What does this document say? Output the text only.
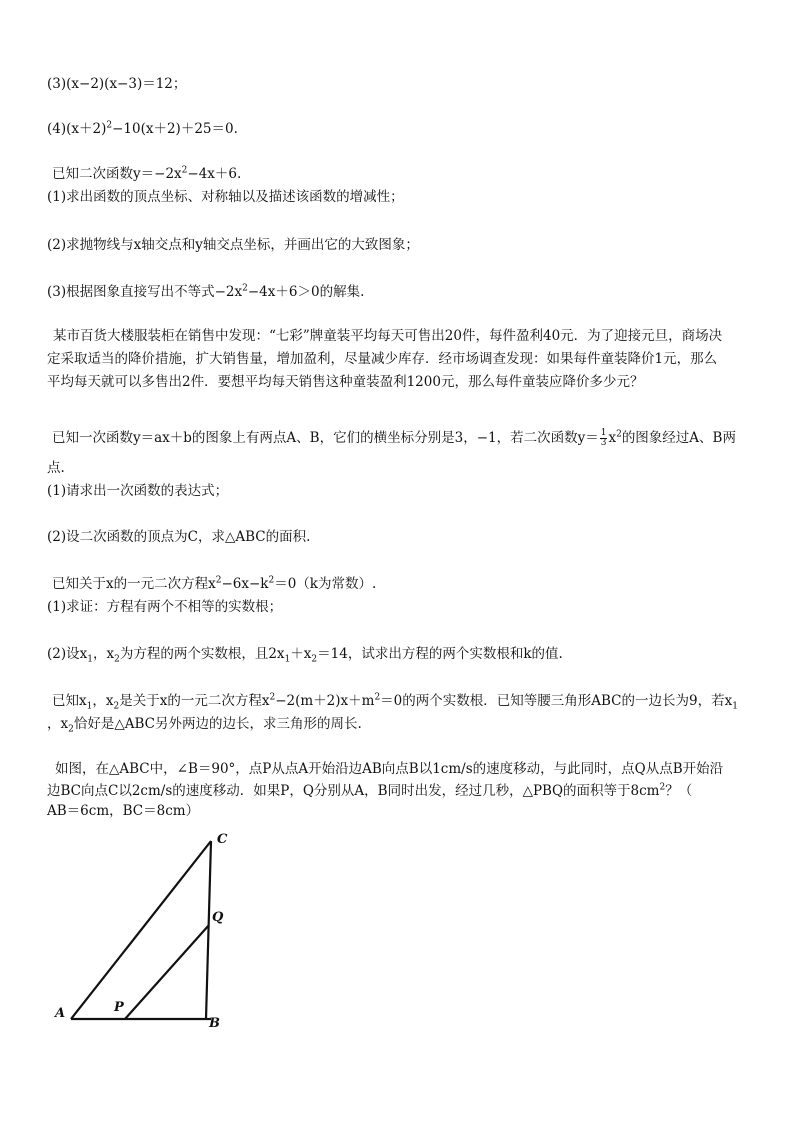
(3)(x−2)(x−3)＝12；
$(4)(x+2)^2-10(x+2)+25=0$.
已知二次函数$y=-2x^2-4x+6$.
(1)求出函数的顶点坐标、对称轴以及描述该函数的增减性；
(2)求抛物线与x轴交点和y轴交点坐标，并画出它的大致图象；
(3)根据图象直接写出不等式$-2x^2-4x+6>0$的解集.

某市百货大楼服装柜在销售中发现：“七彩”牌童装平均每天可售出20件，每件盈利40元．为了迎接元旦，商场决

定采取适当的降价措施，扩大销售量，增加盈利，尽量减少库存．经市场调查发现：如果每件童装降价1元，那么

平均每天就可以多售出2件．要想平均每天销售这种童装盈利1200元，那么每件童装应降价多少元？

已知一次函数y＝ax＋b的图象上有两点A、B，它们的横坐标分别是3，−1，若二次函数$y= \frac{1}{3} x^2$的图象经过A、B两
点.
(1)请求出一次函数的表达式；
(2)设二次函数的顶点为C，求△ABC的面积.
已知关于x的一元二次方程$x^2-6x-k^2=0(k$为常数）.
(1)求证：方程有两个不相等的实数根；
(2)设$x_1$，$x_2$为方程的两个实数根，且$2x_1+x_2=14$，试求出方程的两个实数根和k的值.
已知$x_1$，$x_2$是关于x的一元二次方程$x^2-2(m+2)x+m^2=0$的两个实数根．已知等腰三角形ABC的一边长为9，若$x_1$
，$x_2$恰好是△ABC另外两边的边长，求三角形的周长.
如图，在△ABC中，∠B＝90°，点P从点A开始沿边AB向点B以1cm/s的速度移动，与此同时，点Q从点B开始沿
边BC向点C以2cm/s的速度移动．如果P，Q分别从A，B同时出发，经过几秒，△PBQ的面积等于$8cm^2$？（
AB＝6cm，BC＝8cm）
A
B
C
P
Q
